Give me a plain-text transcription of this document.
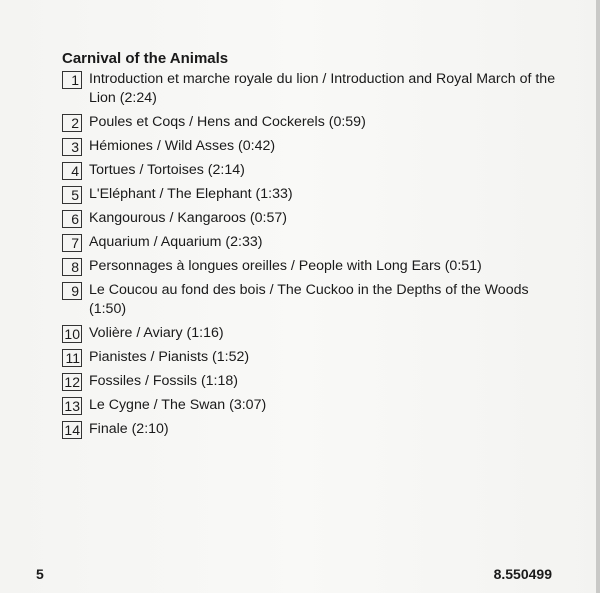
Carnival of the Animals
1 Introduction et marche royale du lion / Introduction and Royal March of the Lion (2:24)
2 Poules et Coqs / Hens and Cockerels (0:59)
3 Hémiones / Wild Asses (0:42)
4 Tortues / Tortoises (2:14)
5 L'Eléphant / The Elephant (1:33)
6 Kangourous / Kangaroos (0:57)
7 Aquarium / Aquarium (2:33)
8 Personnages à longues oreilles / People with Long Ears (0:51)
9 Le Coucou au fond des bois / The Cuckoo in the Depths of the Woods (1:50)
10 Volière / Aviary (1:16)
11 Pianistes / Pianists (1:52)
12 Fossiles / Fossils (1:18)
13 Le Cygne / The Swan (3:07)
14 Finale (2:10)
5	8.550499
